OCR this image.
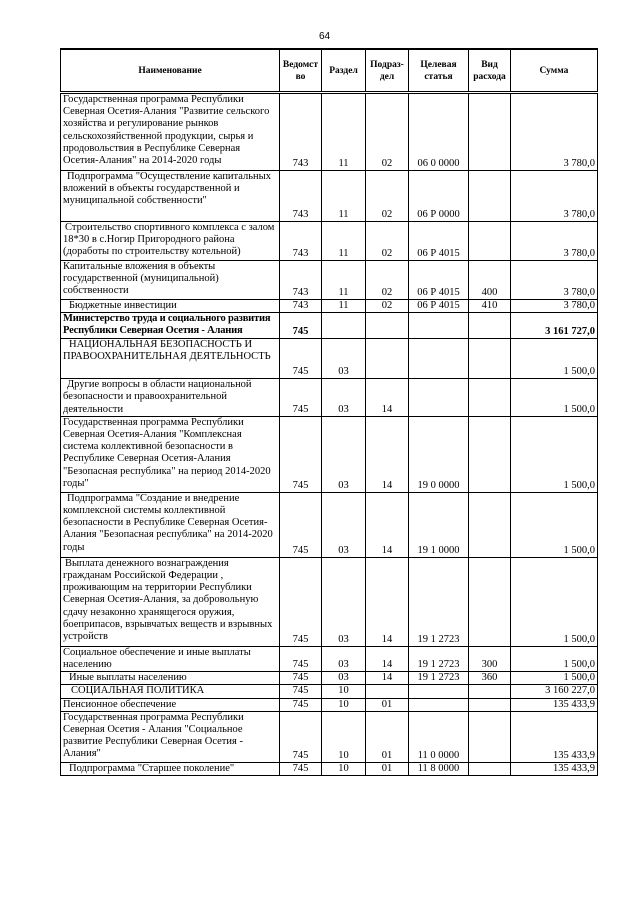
64
Наименование	Ведомст во	Раздел	Подраз-дел	Целевая статья	Вид расхода	Сумма
Государственная программа Республики Северная Осетия-Алания "Развитие сельского хозяйства и регулирование рынков сельскохозяйственной продукции, сырья и продовольствия в Республике Северная Осетия-Алания" на 2014-2020 годы	743	11	02	06 0 0000		3 780,0
Подпрограмма "Осуществление капитальных вложений в объекты государственной и муниципальной собственности"	743	11	02	06 Р 0000		3 780,0
Строительство спортивного комплекса с залом 18*30 в с.Ногир Пригородного района (доработы по строительству котельной)	743	11	02	06 Р 4015		3 780,0
Капитальные вложения в объекты государственной (муниципальной) собственности	743	11	02	06 Р 4015	400	3 780,0
Бюджетные инвестиции	743	11	02	06 Р 4015	410	3 780,0
Министерство труда и социального развития Республики Северная Осетия - Алания	745					3 161 727,0
НАЦИОНАЛЬНАЯ БЕЗОПАСНОСТЬ И ПРАВООХРАНИТЕЛЬНАЯ ДЕЯТЕЛЬНОСТЬ	745	03				1 500,0
Другие вопросы в области национальной безопасности и правоохранительной деятельности	745	03	14			1 500,0
Государственная программа Республики Северная Осетия-Алания "Комплексная система коллективной безопасности в Республике Северная Осетия-Алания "Безопасная республика" на период 2014-2020 годы"	745	03	14	19 0 0000		1 500,0
Подпрограмма "Создание и внедрение комплексной системы коллективной безопасности в Республике Северная Осетия-Алания "Безопасная республика" на 2014-2020 годы	745	03	14	19 1 0000		1 500,0
Выплата денежного вознаграждения гражданам Российской Федерации , проживающим на территории Республики Северная Осетия-Алания, за добровольную сдачу незаконно хранящегося оружия, боеприпасов, взрывчатых веществ и взрывных устройств	745	03	14	19 1 2723		1 500,0
Социальное обеспечение и иные выплаты населению	745	03	14	19 1 2723	300	1 500,0
Иные выплаты населению	745	03	14	19 1 2723	360	1 500,0
СОЦИАЛЬНАЯ ПОЛИТИКА	745	10				3 160 227,0
Пенсионное обеспечение	745	10	01			135 433,9
Государственная программа Республики Северная Осетия - Алания "Социальное развитие Республики Северная Осетия - Алания"	745	10	01	11 0 0000		135 433,9
Подпрограмма "Старшее поколение"	745	10	01	11 8 0000		135 433,9
